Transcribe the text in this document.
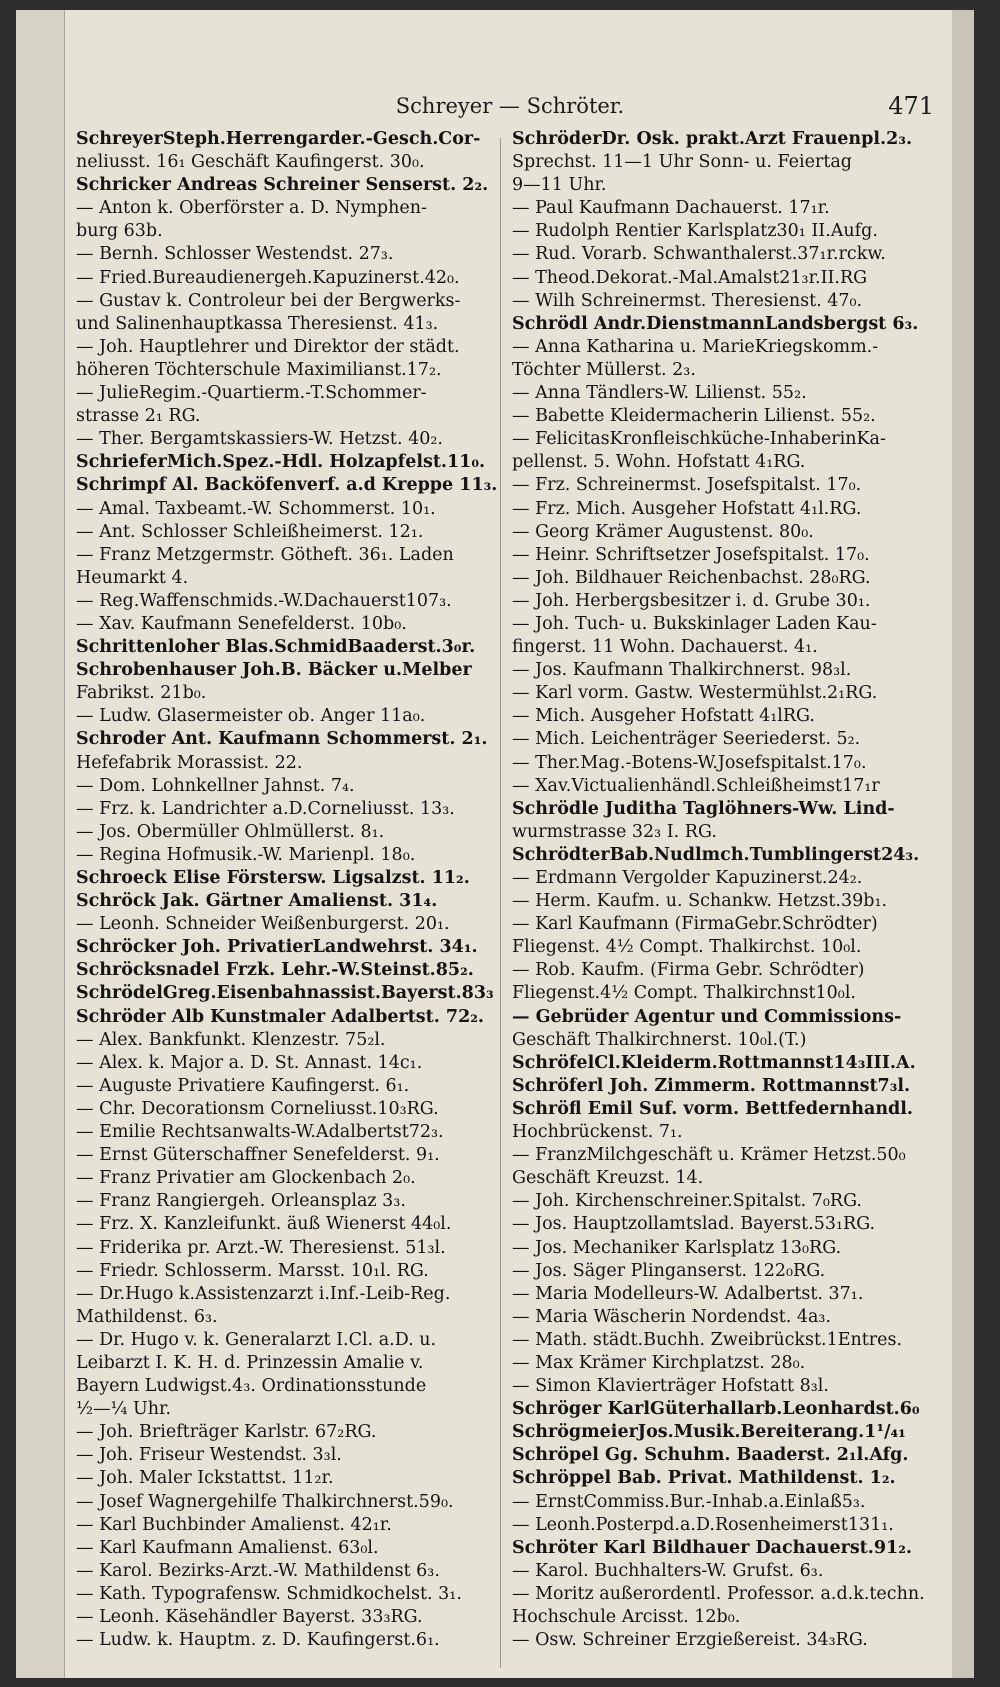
Schreyer — Schröter.	471
SchreyerSteph.Herrengarder.-Gesch.Cor-
neliusst. 16₁ Geschäft Kaufingerst. 30₀.
Schricker Andreas Schreiner Senserst. 2₂.
— Anton k. Oberförster a. D. Nymphen-
burg 63b.
— Bernh. Schlosser Westendst. 27₃.
— Fried.Bureaudienergeh.Kapuzinerst.42₀.
— Gustav k. Controleur bei der Bergwerks-
und Salinenhauptkassa Theresienst. 41₃.
— Joh. Hauptlehrer und Direktor der städt.
höheren Töchterschule Maximilianst.17₂.
— JulieRegim.-Quartierm.-T.Schommer-
strasse 2₁ RG.
— Ther. Bergamtskassiers-W. Hetzst. 40₂.
SchrieferMich.Spez.-Hdl. Holzapfelst.11₀.
Schrimpf Al. Backöfenverf. a.d Kreppe 11₃.
— Amal. Taxbeamt.-W. Schommerst. 10₁.
— Ant. Schlosser Schleißheimerst. 12₁.
— Franz Metzgermstr. Götheft. 36₁. Laden
Heumarkt 4.
— Reg.Waffenschmids.-W.Dachauerst107₃.
— Xav. Kaufmann Senefelderst. 10b₀.
Schrittenloher Blas.SchmidBaaderst.3₀r.
Schrobenhauser Joh.B. Bäcker u.Melber
Fabrikst. 21b₀.
— Ludw. Glasermeister ob. Anger 11a₀.
Schroder Ant. Kaufmann Schommerst. 2₁.
Hefefabrik Morassist. 22.
— Dom. Lohnkellner Jahnst. 7₄.
— Frz. k. Landrichter a.D.Corneliusst. 13₃.
— Jos. Obermüller Ohlmüllerst. 8₁.
— Regina Hofmusik.-W. Marienpl. 18₀.
Schroeck Elise Förstersw. Ligsalzst. 11₂.
Schröck Jak. Gärtner Amalienst. 31₄.
— Leonh. Schneider Weißenburgerst. 20₁.
Schröcker Joh. PrivatierLandwehrst. 34₁.
Schröcksnadel Frzk. Lehr.-W.Steinst.85₂.
SchrödelGreg.Eisenbahnassist.Bayerst.83₃
Schröder Alb Kunstmaler Adalbertst. 72₂.
— Alex. Bankfunkt. Klenzestr. 75₂l.
— Alex. k. Major a. D. St. Annast. 14c₁.
— Auguste Privatiere Kaufingerst. 6₁.
— Chr. Decorationsm Corneliusst.10₃RG.
— Emilie Rechtsanwalts-W.Adalbertst72₃.
— Ernst Güterschaffner Senefelderst. 9₁.
— Franz Privatier am Glockenbach 2₀.
— Franz Rangiergeh. Orleansplaz 3₃.
— Frz. X. Kanzleifunkt. äuß Wienerst 44₀l.
— Friderika pr. Arzt.-W. Theresienst. 51₃l.
— Friedr. Schlosserm. Marsst. 10₁l. RG.
— Dr.Hugo k.Assistenzarzt i.Inf.-Leib-Reg.
Mathildenst. 6₃.
— Dr. Hugo v. k. Generalarzt I.Cl. a.D. u.
Leibarzt I. K. H. d. Prinzessin Amalie v.
Bayern Ludwigst.4₃. Ordinationsstunde
½—¼ Uhr.
— Joh. Briefträger Karlstr. 67₂RG.
— Joh. Friseur Westendst. 3₃l.
— Joh. Maler Ickstattst. 11₂r.
— Josef Wagnergehilfe Thalkirchnerst.59₀.
— Karl Buchbinder Amalienst. 42₁r.
— Karl Kaufmann Amalienst. 63₀l.
— Karol. Bezirks-Arzt.-W. Mathildenst 6₃.
— Kath. Typografensw. Schmidkochelst. 3₁.
— Leonh. Käsehändler Bayerst. 33₃RG.
— Ludw. k. Hauptm. z. D. Kaufingerst.6₁.
SchröderDr. Osk. prakt.Arzt Frauenpl.2₃.
Sprechst. 11—1 Uhr Sonn- u. Feiertag
9—11 Uhr.
— Paul Kaufmann Dachauerst. 17₁r.
— Rudolph Rentier Karlsplatz30₁ II.Aufg.
— Rud. Vorarb. Schwanthalerst.37₁r.rckw.
— Theod.Dekorat.-Mal.Amalst21₃r.II.RG
— Wilh Schreinermst. Theresienst. 47₀.
Schrödl Andr.DienstmannLandsbergst 6₃.
— Anna Katharina u. MarieKriegskomm.-
Töchter Müllerst. 2₃.
— Anna Tändlers-W. Lilienst. 55₂.
— Babette Kleidermacherin Lilienst. 55₂.
— FelicitasKronfleischküche-InhaberinKa-
pellenst. 5. Wohn. Hofstatt 4₁RG.
— Frz. Schreinermst. Josefspitalst. 17₀.
— Frz. Mich. Ausgeher Hofstatt 4₁l.RG.
— Georg Krämer Augustenst. 80₀.
— Heinr. Schriftsetzer Josefspitalst. 17₀.
— Joh. Bildhauer Reichenbachst. 28₀RG.
— Joh. Herbergsbesitzer i. d. Grube 30₁.
— Joh. Tuch- u. Bukskinlager Laden Kau-
fingerst. 11 Wohn. Dachauerst. 4₁.
— Jos. Kaufmann Thalkirchnerst. 98₃l.
— Karl vorm. Gastw. Westermühlst.2₁RG.
— Mich. Ausgeher Hofstatt 4₁lRG.
— Mich. Leichenträger Seeriederst. 5₂.
— Ther.Mag.-Botens-W.Josefspitalst.17₀.
— Xav.Victualienhändl.Schleißheimst17₁r
Schrödle Juditha Taglöhners-Ww. Lind-
wurmstrasse 32₃ I. RG.
SchrödterBab.Nudlmch.Tumblingerst24₃.
— Erdmann Vergolder Kapuzinerst.24₂.
— Herm. Kaufm. u. Schankw. Hetzst.39b₁.
— Karl Kaufmann (FirmaGebr.Schrödter)
Fliegenst. 4½ Compt. Thalkirchst. 10₀l.
— Rob. Kaufm. (Firma Gebr. Schrödter)
Fliegenst.4½ Compt. Thalkirchnst10₀l.
— Gebrüder Agentur und Commissions-
Geschäft Thalkirchnerst. 10₀l.(T.)
SchröfelCl.Kleiderm.Rottmannst14₃III.A.
Schröferl Joh. Zimmerm. Rottmannst7₃l.
Schröfl Emil Suf. vorm. Bettfedernhandl.
Hochbrückenst. 7₁.
— FranzMilchgeschäft u. Krämer Hetzst.50₀
Geschäft Kreuzst. 14.
— Joh. Kirchenschreiner.Spitalst. 7₀RG.
— Jos. Hauptzollamtslad. Bayerst.53₁RG.
— Jos. Mechaniker Karlsplatz 13₀RG.
— Jos. Säger Plinganserst. 122₀RG.
— Maria Modelleurs-W. Adalbertst. 37₁.
— Maria Wäscherin Nordendst. 4a₃.
— Math. städt.Buchh. Zweibrückst.1Entres.
— Max Krämer Kirchplatzst. 28₀.
— Simon Klavierträger Hofstatt 8₃l.
Schröger KarlGüterhallarb.Leonhardst.6₀
SchrögmeierJos.Musik.Bereiterang.1¹/₄₁
Schröpel Gg. Schuhm. Baaderst. 2₁l.Afg.
Schröppel Bab. Privat. Mathildenst. 1₂.
— ErnstCommiss.Bur.-Inhab.a.Einlaß5₃.
— Leonh.Posterpd.a.D.Rosenheimerst131₁.
Schröter Karl Bildhauer Dachauerst.91₂.
— Karol. Buchhalters-W. Grufst. 6₃.
— Moritz außerordentl. Professor. a.d.k.techn.
Hochschule Arcisst. 12b₀.
— Osw. Schreiner Erzgießereist. 34₃RG.
